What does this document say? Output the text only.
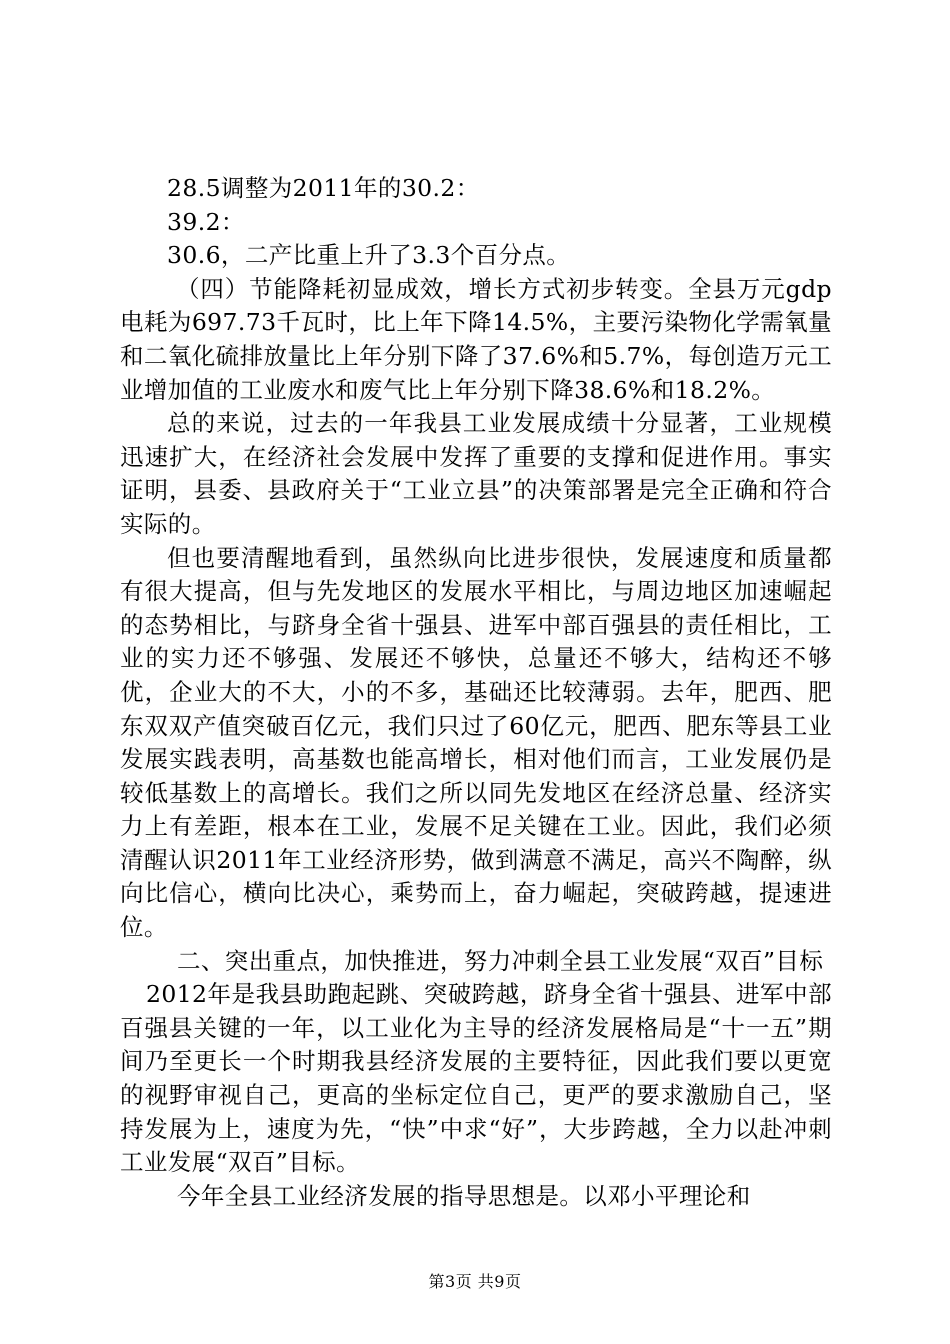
28.5调整为2011年的30.2：

39.2：

30.6，二产比重上升了3.3个百分点。

（四）节能降耗初显成效，增长方式初步转变。全县万元gdp电耗为697.73千瓦时，比上年下降14.5%，主要污染物化学需氧量和二氧化硫排放量比上年分别下降了37.6%和5.7%，每创造万元工业增加值的工业废水和废气比上年分别下降38.6%和18.2%。

总的来说，过去的一年我县工业发展成绩十分显著，工业规模迅速扩大，在经济社会发展中发挥了重要的支撑和促进作用。事实证明，县委、县政府关于“工业立县”的决策部署是完全正确和符合实际的。

但也要清醒地看到，虽然纵向比进步很快，发展速度和质量都有很大提高，但与先发地区的发展水平相比，与周边地区加速崛起的态势相比，与跻身全省十强县、进军中部百强县的责任相比，工业的实力还不够强、发展还不够快，总量还不够大，结构还不够优，企业大的不大，小的不多，基础还比较薄弱。去年，肥西、肥东双双产值突破百亿元，我们只过了60亿元，肥西、肥东等县工业发展实践表明，高基数也能高增长，相对他们而言，工业发展仍是较低基数上的高增长。我们之所以同先发地区在经济总量、经济实力上有差距，根本在工业，发展不足关键在工业。因此，我们必须清醒认识2011年工业经济形势，做到满意不满足，高兴不陶醉，纵向比信心，横向比决心，乘势而上，奋力崛起，突破跨越，提速进位。

二、突出重点，加快推进，努力冲刺全县工业发展“双百”目标

2012年是我县助跑起跳、突破跨越，跻身全省十强县、进军中部百强县关键的一年，以工业化为主导的经济发展格局是“十一五”期间乃至更长一个时期我县经济发展的主要特征，因此我们要以更宽的视野审视自己，更高的坐标定位自己，更严的要求激励自己，坚持发展为上，速度为先，“快”中求“好”，大步跨越，全力以赴冲刺工业发展“双百”目标。

今年全县工业经济发展的指导思想是。以邓小平理论和

第3页 共9页
